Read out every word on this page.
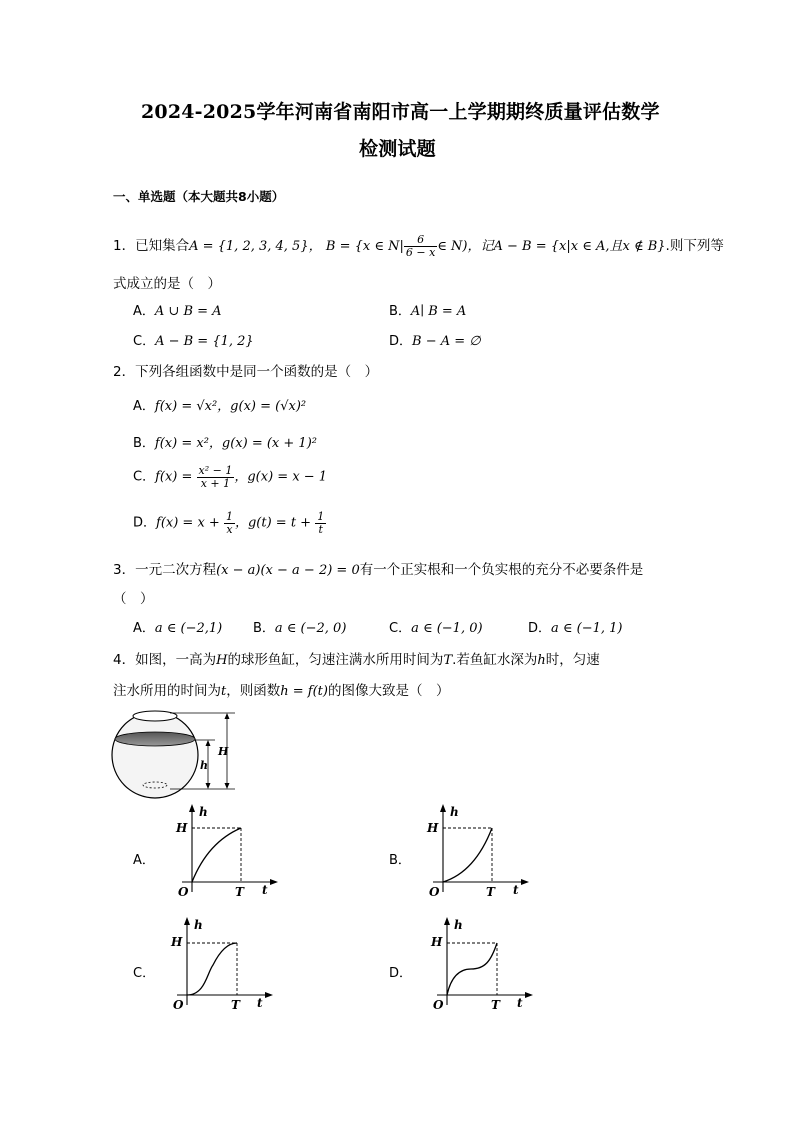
2024-2025学年河南省南阳市高一上学期期终质量评估数学
检测试题
一、单选题（本大题共8小题）
1．已知集合A = {1, 2, 3, 4, 5}， B = {x ∈ $N| \frac{6}{6 - x}$ ∈ N)，记A − B = {x|x ∈ A,且x ∉ B}.则下列等
式成立的是（　）
A．A ∪ B = A	B．A∣ B = A
C．A − B = {1, 2}	D．B − A = ∅
2．下列各组函数中是同一个函数的是（　）
A．f(x) = √x²，g(x) = (√x)²
B．f(x) = x²，g(x) = (x + 1)²
C．$f(x) = \frac{\text{x² − 1}}{x + 1}$ ，g(x) = x − 1
D．$f(x) = x + \frac{1}{x}$ ，$g(t) = t + \frac{1}{t}$
3．一元二次方程(x − a)(x − a − 2) = 0有一个正实根和一个负实根的充分不必要条件是
（　）
A．a ∈ (−2,1) B．a ∈ (−2, 0)	C．a ∈ (−1, 0)	D．a ∈ (−1, 1)
4．如图，一高为H的球形鱼缸，匀速注满水所用时间为T.若鱼缸水深为h时，匀速
注水所用的时间为t，则函数h = f(t)的图像大致是（　）
H
h
A．
h
H
O	T t
B．
h
H
O	T t
C．
h
H
O	T t
D．
h
H
O	T t
